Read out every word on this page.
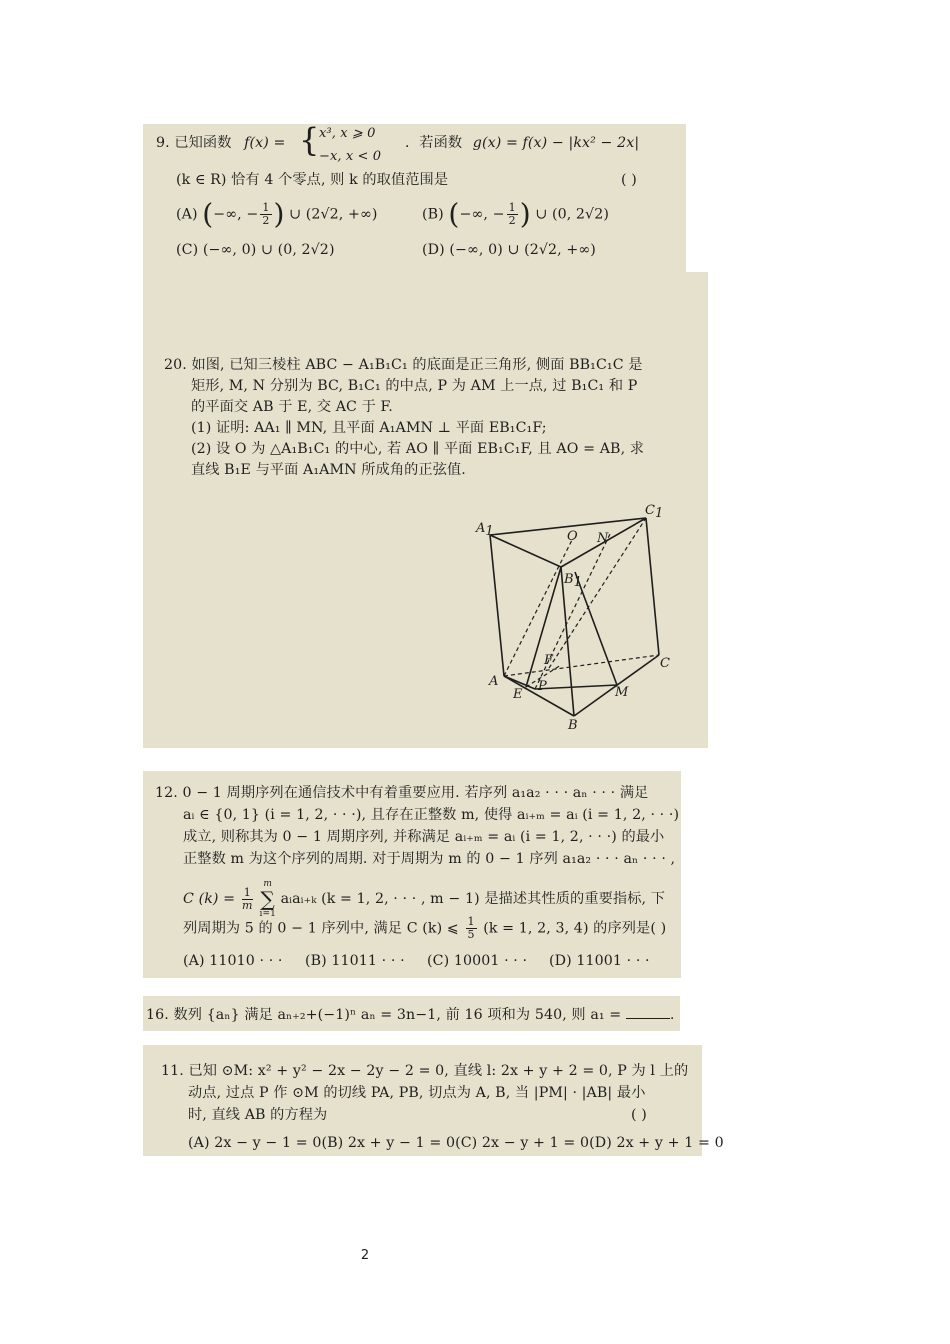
9. 已知函数 f(x) = { x³, x ⩾ 0
−x, x < 0
．若函数 g(x) = f(x) − |kx² − 2x|
(k ∈ R) 恰有 4 个零点, 则 k 的取值范围是	( )
(A) (−∞, − $\frac{1}{2}$ ) ∪ (2√2, +∞)	(B) (−∞, − $\frac{1}{2}$ ) ∪ (0, 2√2)
(C) (−∞, 0) ∪ (0, 2√2)	(D) (−∞, 0) ∪ (2√2, +∞)
20. 如图, 已知三棱柱 ABC − A₁B₁C₁ 的底面是正三角形, 侧面 BB₁C₁C 是
矩形, M, N 分别为 BC, B₁C₁ 的中点, P 为 AM 上一点, 过 B₁C₁ 和 P
的平面交 AB 于 E, 交 AC 于 F.
(1) 证明: AA₁ ∥ MN, 且平面 A₁AMN ⊥ 平面 EB₁C₁F;
(2) 设 O 为 △A₁B₁C₁ 的中心, 若 AO ∥ 平面 EB₁C₁F, 且 AO = AB, 求
直线 B₁E 与平面 A₁AMN 所成角的正弦值.
A1
C1
B1
O N
F	C
A
E
P	M
B
12. 0 − 1 周期序列在通信技术中有着重要应用. 若序列 a₁a₂ · · · aₙ · · · 满足
aᵢ ∈ {0, 1} (i = 1, 2, · · ·), 且存在正整数 m, 使得 aᵢ₊ₘ = aᵢ (i = 1, 2, · · ·)
成立, 则称其为 0 − 1 周期序列, 并称满足 aᵢ₊ₘ = aᵢ (i = 1, 2, · · ·) 的最小
正整数 m 为这个序列的周期. 对于周期为 m 的 0 − 1 序列 a₁a₂ · · · aₙ · · · ,
C $(k) = \frac{1}{m}$

m
∑
i=1
aᵢaᵢ₊ₖ (k = 1, 2, · · · , m − 1) 是描述其性质的重要指标, 下
列周期为 5 的 0 − 1 序列中, 满足 C (k) ⩽ $\frac{1}{5} (k = 1$, 2, 3, 4) 的序列是( )
(A) 11010 · · · (B) 11011 · · · (C) 10001 · · · (D) 11001 · · ·
16. 数列 {aₙ} 满足 aₙ₊₂+(−1)ⁿ aₙ = 3n−1, 前 16 项和为 540, 则 a₁ =	.
11. 已知 ⊙M: x² + y² − 2x − 2y − 2 = 0, 直线 l: 2x + y + 2 = 0, P 为 l 上的
动点, 过点 P 作 ⊙M 的切线 PA, PB, 切点为 A, B, 当 |PM| · |AB| 最小
时, 直线 AB 的方程为	( )
(A) 2x − y − 1 = 0(B) 2x + y − 1 = 0(C) 2x − y + 1 = 0(D) 2x + y + 1 = 0
2
